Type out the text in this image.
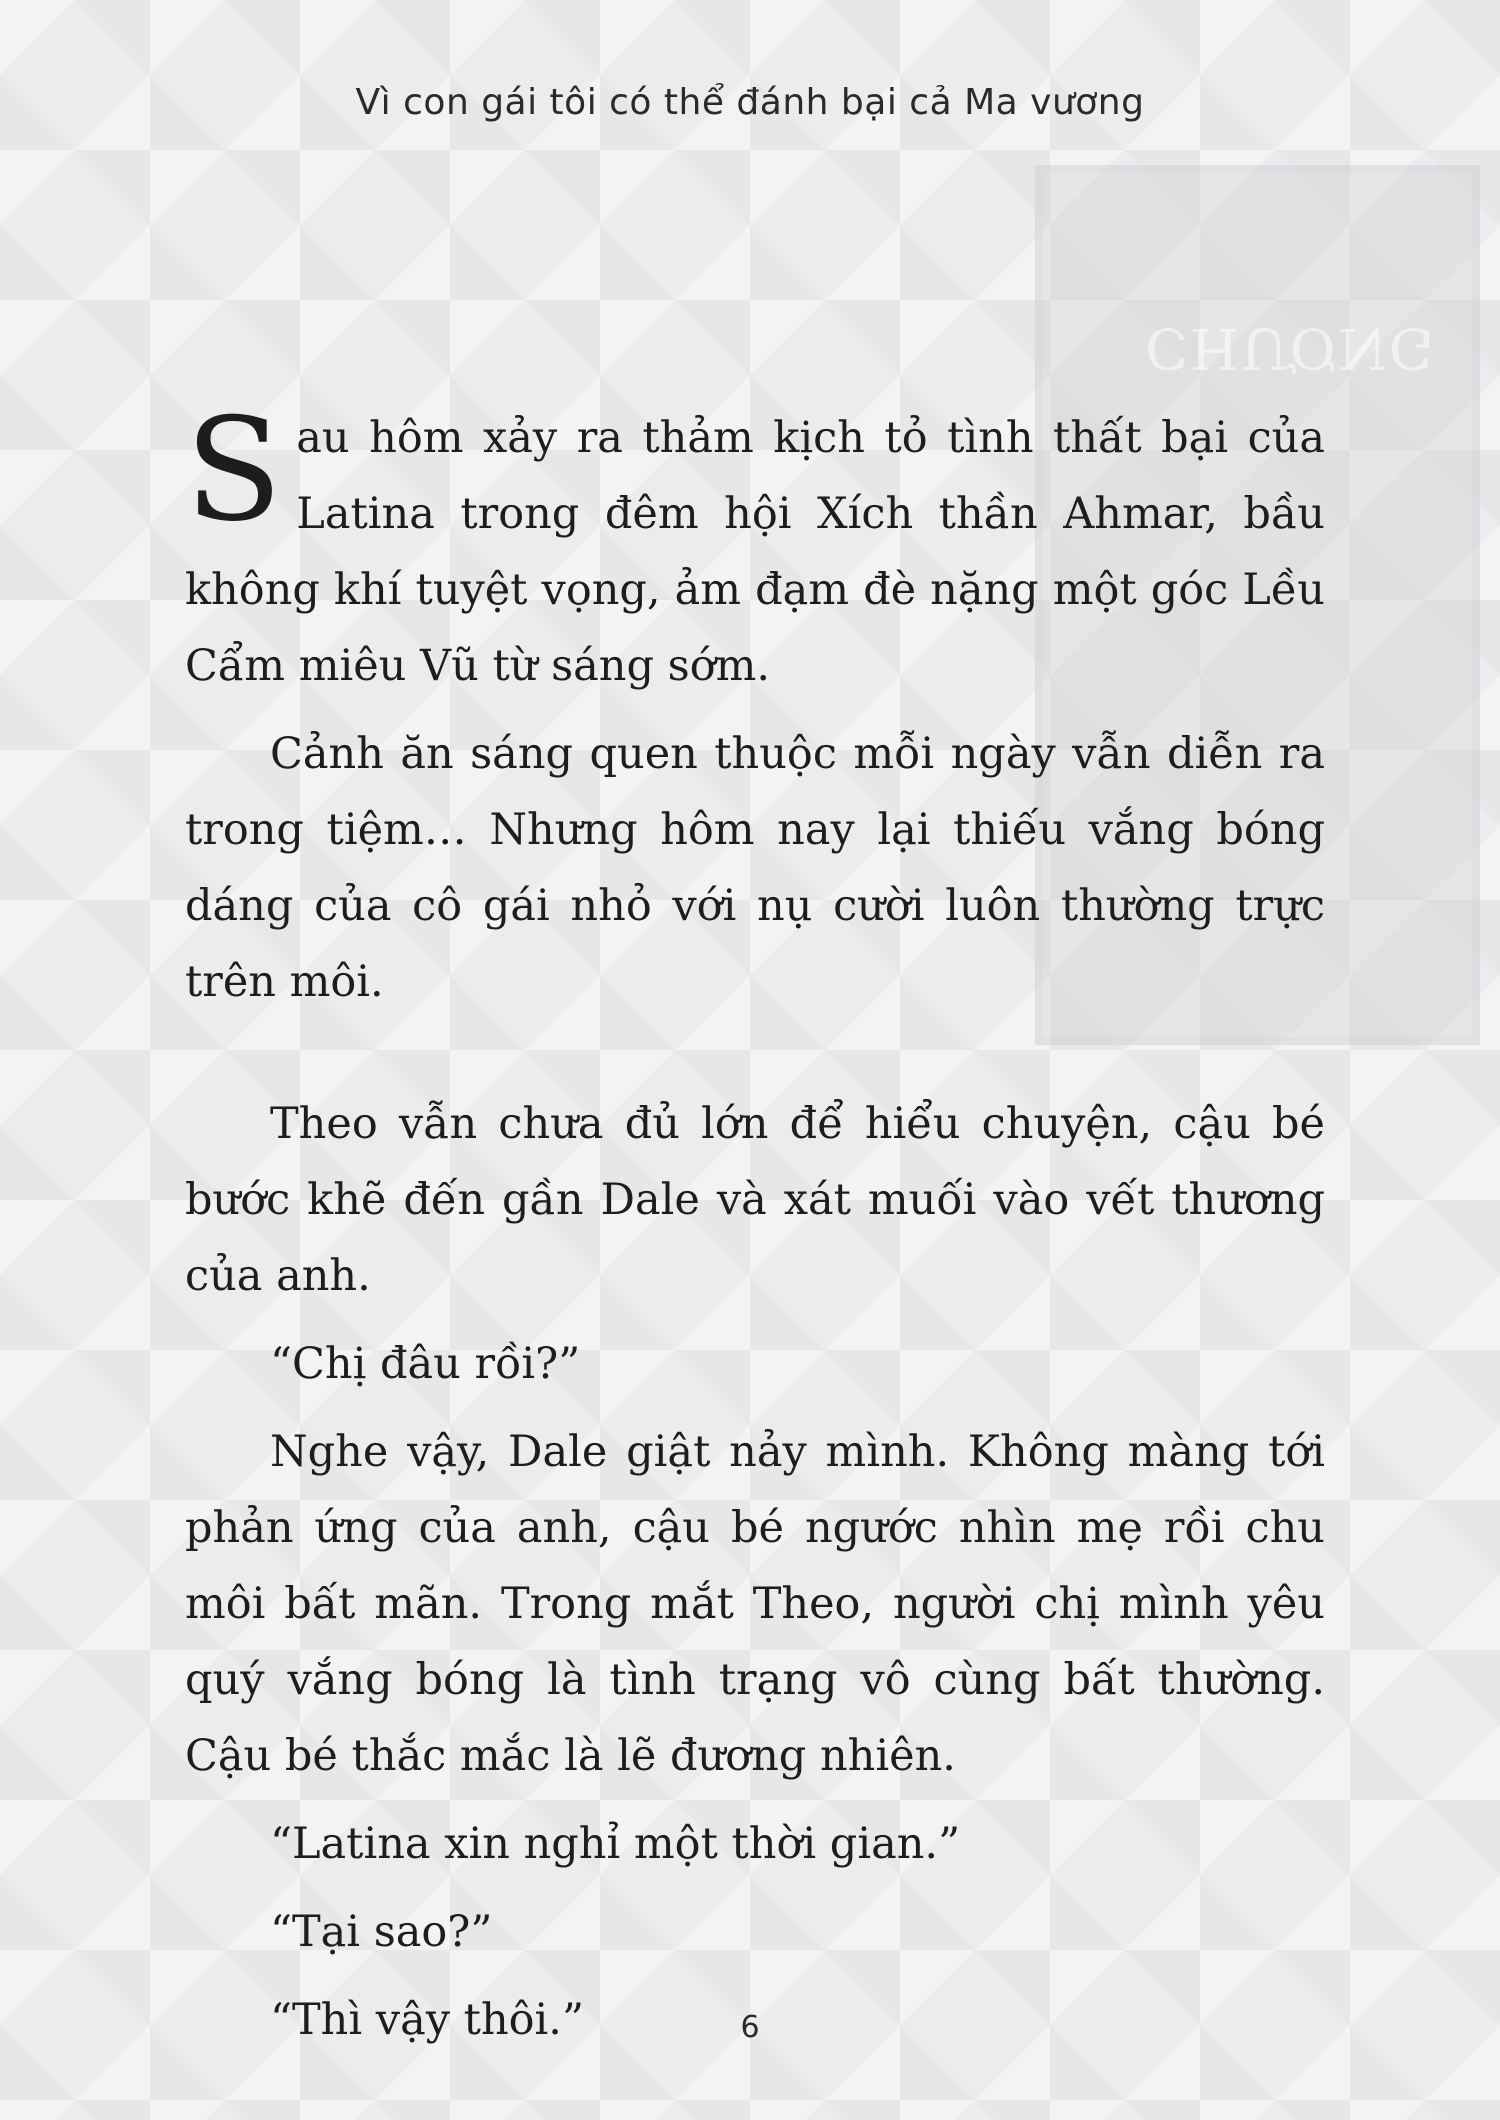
CHƯƠNG
Vì con gái tôi có thể đánh bại cả Ma vương

Sau hôm xảy ra thảm kịch tỏ tình thất bại của Latina trong đêm hội Xích thần Ahmar, bầu không khí tuyệt vọng, ảm đạm đè nặng một góc Lều Cẩm miêu Vũ từ sáng sớm.

Cảnh ăn sáng quen thuộc mỗi ngày vẫn diễn ra trong tiệm… Nhưng hôm nay lại thiếu vắng bóng dáng của cô gái nhỏ với nụ cười luôn thường trực trên môi.

Theo vẫn chưa đủ lớn để hiểu chuyện, cậu bé bước khẽ đến gần Dale và xát muối vào vết thương của anh.

“Chị đâu rồi?”

Nghe vậy, Dale giật nảy mình. Không màng tới phản ứng của anh, cậu bé ngước nhìn mẹ rồi chu môi bất mãn. Trong mắt Theo, người chị mình yêu quý vắng bóng là tình trạng vô cùng bất thường. Cậu bé thắc mắc là lẽ đương nhiên.

“Latina xin nghỉ một thời gian.”

“Tại sao?”

“Thì vậy thôi.”	6
